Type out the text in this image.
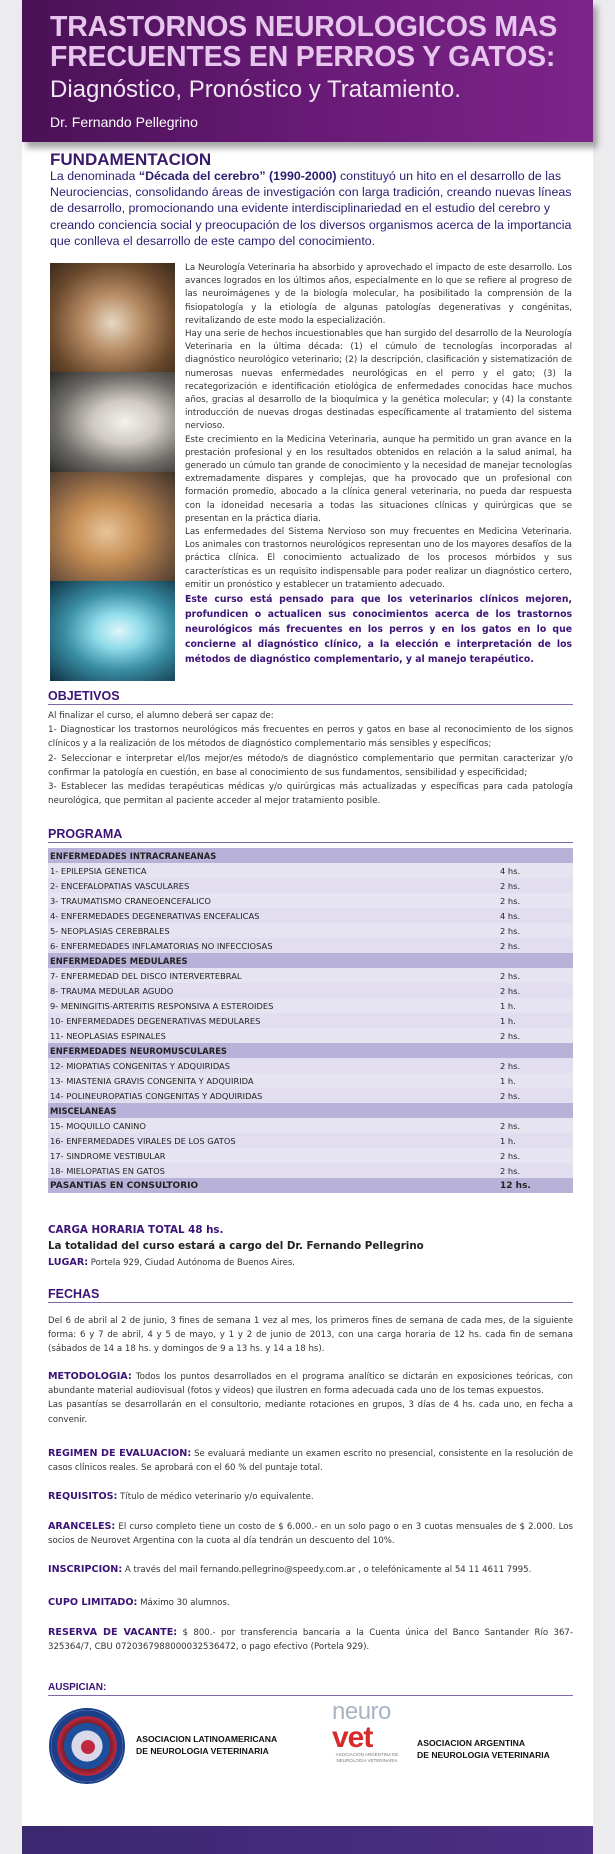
TRASTORNOS NEUROLOGICOS MAS
FRECUENTES EN PERROS Y GATOS:
Diagnóstico, Pronóstico y Tratamiento.
Dr. Fernando Pellegrino
FUNDAMENTACION
La denominada “Década del cerebro” (1990-2000) constituyó un hito en el desarrollo de las Neurociencias, consolidando áreas de investigación con larga tradición, creando nuevas líneas de desarrollo, promocionando una evidente interdisciplinariedad en el estudio del cerebro y creando conciencia social y preocupación de los diversos organismos acerca de la importancia que conlleva el desarrollo de este campo del conocimiento.

La Neurología Veterinaria ha absorbido y aprovechado el impacto de este desarrollo. Los avances logrados en los últimos años, especialmente en lo que se refiere al progreso de las neuroimágenes y de la biología molecular, ha posibilitado la comprensión de la fisiopatología y la etiología de algunas patologías degenerativas y congénitas, revitalizando de este modo la especialización.

Hay una serie de hechos incuestionables que han surgido del desarrollo de la Neurología Veterinaria en la última década: (1) el cúmulo de tecnologías incorporadas al diagnóstico neurológico veterinario; (2) la descripción, clasificación y sistematización de numerosas nuevas enfermedades neurológicas en el perro y el gato; (3) la recategorización e identificación etiológica de enfermedades conocidas hace muchos años, gracias al desarrollo de la bioquímica y la genética molecular; y (4) la constante introducción de nuevas drogas destinadas específicamente al tratamiento del sistema nervioso.

Este crecimiento en la Medicina Veterinaria, aunque ha permitido un gran avance en la prestación profesional y en los resultados obtenidos en relación a la salud animal, ha generado un cúmulo tan grande de conocimiento y la necesidad de manejar tecnologías extremadamente dispares y complejas, que ha provocado que un profesional con formación promedio, abocado a la clínica general veterinaria, no pueda dar respuesta con la idoneidad necesaria a todas las situaciones clínicas y quirúrgicas que se presentan en la práctica diaria.

Las enfermedades del Sistema Nervioso son muy frecuentes en Medicina Veterinaria. Los animales con trastornos neurológicos representan uno de los mayores desafíos de la práctica clínica. El conocimiento actualizado de los procesos mórbidos y sus características es un requisito indispensable para poder realizar un diagnóstico certero, emitir un pronóstico y establecer un tratamiento adecuado.

Este curso está pensado para que los veterinarios clínicos mejoren, profundicen o actualicen sus conocimientos acerca de los trastornos neurológicos más frecuentes en los perros y en los gatos en lo que concierne al diagnóstico clínico, a la elección e interpretación de los métodos de diagnóstico complementario, y al manejo terapéutico.

OBJETIVOS
Al finalizar el curso, el alumno deberá ser capaz de:
1- Diagnosticar los trastornos neurológicos más frecuentes en perros y gatos en base al reconocimiento de los signos clínicos y a la realización de los métodos de diagnóstico complementario más sensibles y específicos;
2- Seleccionar e interpretar el/los mejor/es método/s de diagnóstico complementario que permitan caracterizar y/o confirmar la patología en cuestión, en base al conocimiento de sus fundamentos, sensibilidad y especificidad;
3- Establecer las medidas terapéuticas médicas y/o quirúrgicas más actualizadas y específicas para cada patología neurológica, que permitan al paciente acceder al mejor tratamiento posible.
PROGRAMA
ENFERMEDADES INTRACRANEANAS
1- EPILEPSIA GENETICA	4 hs.
2- ENCEFALOPATIAS VASCULARES	2 hs.
3- TRAUMATISMO CRANEOENCEFALICO	2 hs.
4- ENFERMEDADES DEGENERATIVAS ENCEFALICAS	4 hs.
5- NEOPLASIAS CEREBRALES	2 hs.
6- ENFERMEDADES INFLAMATORIAS NO INFECCIOSAS	2 hs.
ENFERMEDADES MEDULARES
7- ENFERMEDAD DEL DISCO INTERVERTEBRAL	2 hs.
8- TRAUMA MEDULAR AGUDO	2 hs.
9- MENINGITIS-ARTERITIS RESPONSIVA A ESTEROIDES	1 h.
10- ENFERMEDADES DEGENERATIVAS MEDULARES	1 h.
11- NEOPLASIAS ESPINALES	2 hs.
ENFERMEDADES NEUROMUSCULARES
12- MIOPATIAS CONGENITAS Y ADQUIRIDAS	2 hs.
13- MIASTENIA GRAVIS CONGENITA Y ADQUIRIDA	1 h.
14- POLINEUROPATIAS CONGENITAS Y ADQUIRIDAS	2 hs.
MISCELANEAS
15- MOQUILLO CANINO	2 hs.
16- ENFERMEDADES VIRALES DE LOS GATOS	1 h.
17- SINDROME VESTIBULAR	2 hs.
18- MIELOPATIAS EN GATOS	2 hs.
PASANTIAS EN CONSULTORIO	12 hs.
CARGA HORARIA TOTAL 48 hs.
La totalidad del curso estará a cargo del Dr. Fernando Pellegrino
LUGAR: Portela 929, Ciudad Autónoma de Buenos Aires.
FECHAS
Del 6 de abril al 2 de junio, 3 fines de semana 1 vez al mes, los primeros fines de semana de cada mes, de la siguiente forma: 6 y 7 de abril, 4 y 5 de mayo, y 1 y 2 de junio de 2013, con una carga horaria de 12 hs. cada fin de semana (sábados de 14 a 18 hs. y domingos de 9 a 13 hs. y 14 a 18 hs).
METODOLOGIA: Todos los puntos desarrollados en el programa analítico se dictarán en exposiciones teóricas, con abundante material audiovisual (fotos y videos) que ilustren en forma adecuada cada uno de los temas expuestos.
Las pasantías se desarrollarán en el consultorio, mediante rotaciones en grupos, 3 días de 4 hs. cada uno, en fecha a convenir.
REGIMEN DE EVALUACION: Se evaluará mediante un examen escrito no presencial, consistente en la resolución de casos clínicos reales. Se aprobará con el 60 % del puntaje total.
REQUISITOS: Título de médico veterinario y/o equivalente.
ARANCELES: El curso completo tiene un costo de $ 6.000.- en un solo pago o en 3 cuotas mensuales de $ 2.000. Los socios de Neurovet Argentina con la cuota al día tendrán un descuento del 10%.
INSCRIPCION: A través del mail fernando.pellegrino@speedy.com.ar , o telefónicamente al 54 11 4611 7995.
CUPO LIMITADO: Máximo 30 alumnos.
RESERVA DE VACANTE: $ 800.- por transferencia bancaria a la Cuenta única del Banco Santander Río 367-325364/7, CBU 0720367988000032536472, o pago efectivo (Portela 929).
AUSPICIAN:
ASOCIACION LATINOAMERICANA
DE NEUROLOGIA VETERINARIA
neuro
vet
ASOCIACION ARGENTINA DE NEUROLOGIA VETERINARIA
ASOCIACION ARGENTINA
DE NEUROLOGIA VETERINARIA
